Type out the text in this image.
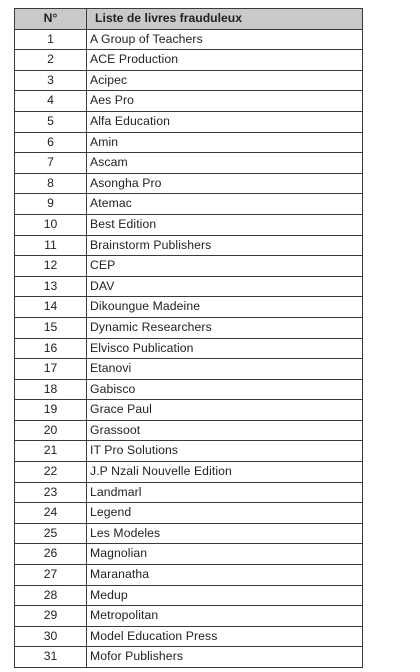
N°	Liste de livres frauduleux
1	A Group of Teachers
2	ACE Production
3	Acipec
4	Aes Pro
5	Alfa Education
6	Amin
7	Ascam
8	Asongha Pro
9	Atemac
10	Best Edition
11	Brainstorm Publishers
12	CEP
13	DAV
14	Dikoungue Madeine
15	Dynamic Researchers
16	Elvisco Publication
17	Etanovi
18	Gabisco
19	Grace Paul
20	Grassoot
21	IT Pro Solutions
22	J.P Nzali Nouvelle Edition
23	Landmarl
24	Legend
25	Les Modeles
26	Magnolian
27	Maranatha
28	Medup
29	Metropolitan
30	Model Education Press
31	Mofor Publishers
